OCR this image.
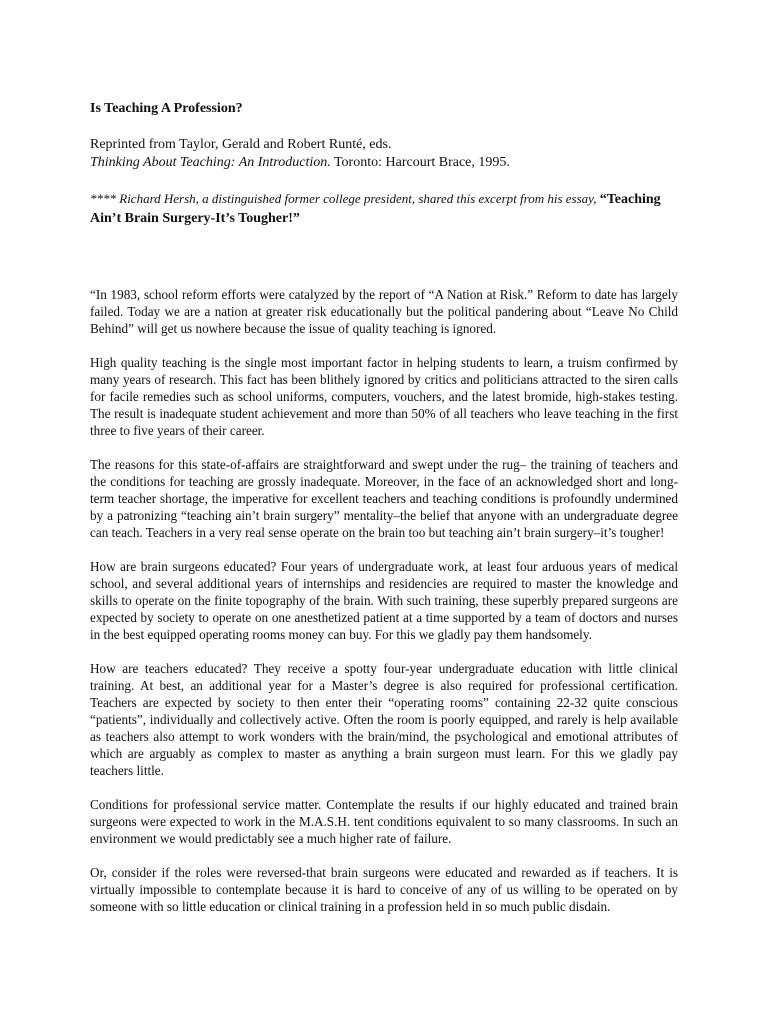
Is Teaching A Profession?

Reprinted from Taylor, Gerald and Robert Runté, eds.
Thinking About Teaching: An Introduction. Toronto: Harcourt Brace, 1995.

**** Richard Hersh, a distinguished former college president, shared this excerpt from his essay, “Teaching Ain’t Brain Surgery-It’s Tougher!”

“In 1983, school reform efforts were catalyzed by the report of “A Nation at Risk.” Reform to date has largely failed. Today we are a nation at greater risk educationally but the political pandering about “Leave No Child Behind” will get us nowhere because the issue of quality teaching is ignored.

High quality teaching is the single most important factor in helping students to learn, a truism confirmed by many years of research. This fact has been blithely ignored by critics and politicians attracted to the siren calls for facile remedies such as school uniforms, computers, vouchers, and the latest bromide, high-stakes testing. The result is inadequate student achievement and more than 50% of all teachers who leave teaching in the first three to five years of their career.

The reasons for this state-of-affairs are straightforward and swept under the rug– the training of teachers and the conditions for teaching are grossly inadequate. Moreover, in the face of an acknowledged short and long-term teacher shortage, the imperative for excellent teachers and teaching conditions is profoundly undermined by a patronizing “teaching ain’t brain surgery” mentality–the belief that anyone with an undergraduate degree can teach. Teachers in a very real sense operate on the brain too but teaching ain’t brain surgery–it’s tougher!

How are brain surgeons educated? Four years of undergraduate work, at least four arduous years of medical school, and several additional years of internships and residencies are required to master the knowledge and skills to operate on the finite topography of the brain. With such training, these superbly prepared surgeons are expected by society to operate on one anesthetized patient at a time supported by a team of doctors and nurses in the best equipped operating rooms money can buy. For this we gladly pay them handsomely.

How are teachers educated? They receive a spotty four-year undergraduate education with little clinical training. At best, an additional year for a Master’s degree is also required for professional certification. Teachers are expected by society to then enter their “operating rooms” containing 22-32 quite conscious “patients”, individually and collectively active. Often the room is poorly equipped, and rarely is help available as teachers also attempt to work wonders with the brain/mind, the psychological and emotional attributes of which are arguably as complex to master as anything a brain surgeon must learn. For this we gladly pay teachers little.

Conditions for professional service matter. Contemplate the results if our highly educated and trained brain surgeons were expected to work in the M.A.S.H. tent conditions equivalent to so many classrooms. In such an environment we would predictably see a much higher rate of failure.

Or, consider if the roles were reversed-that brain surgeons were educated and rewarded as if teachers. It is virtually impossible to contemplate because it is hard to conceive of any of us willing to be operated on by someone with so little education or clinical training in a profession held in so much public disdain.
